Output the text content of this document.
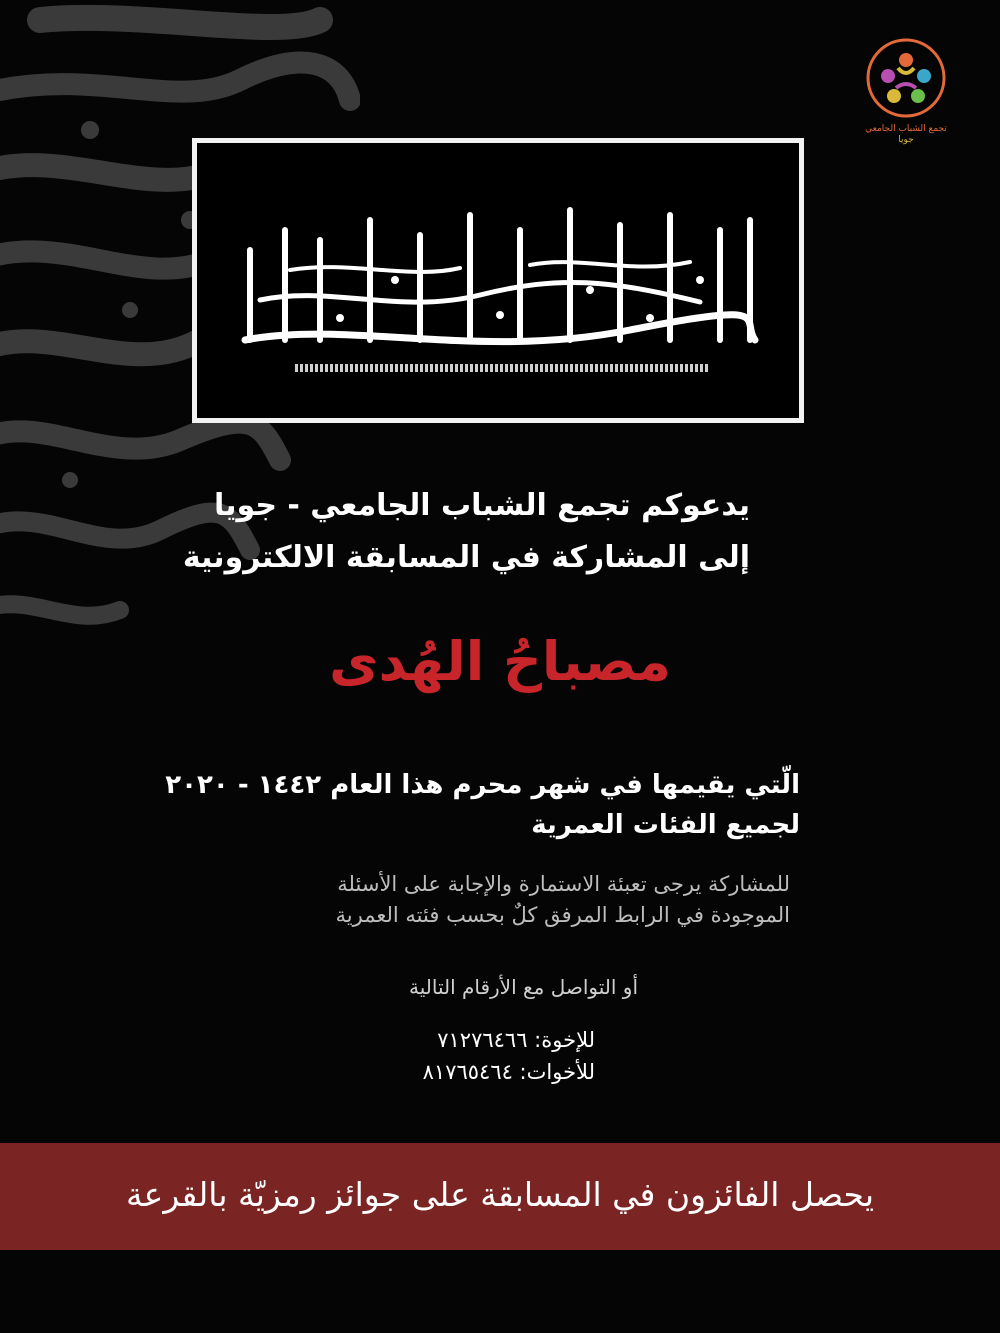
تجمع الشباب الجامعي
جويا
يدعوكم تجمع الشباب الجامعي - جويا
إلى المشاركة في المسابقة الالكترونية
مصباحُ الهُدى
الّتي يقيمها في شهر محرم هذا العام ١٤٤٢ - ٢٠٢٠
لجميع الفئات العمرية
للمشاركة يرجى تعبئة الاستمارة والإجابة على الأسئلة
الموجودة في الرابط المرفق كلٌ بحسب فئته العمرية
أو التواصل مع الأرقام التالية
للإخوة: ٧١٢٧٦٤٦٦
للأخوات: ٨١٧٦٥٤٦٤
يحصل الفائزون في المسابقة على جوائز رمزيّة بالقرعة
